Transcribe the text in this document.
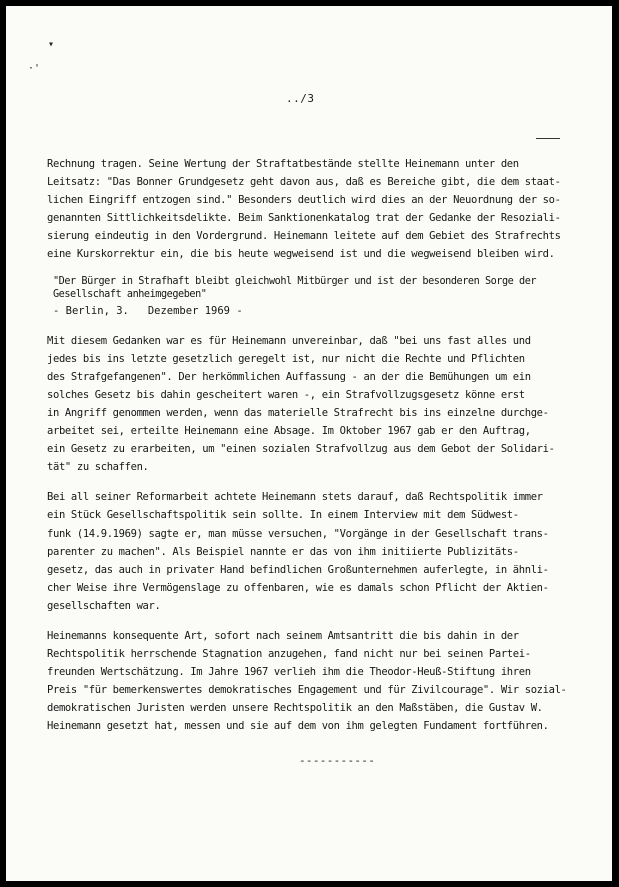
▾
·'
../3

Rechnung tragen. Seine Wertung der Straftatbestände stellte Heinemann unter den
Leitsatz: "Das Bonner Grundgesetz geht davon aus, daß es Bereiche gibt, die dem staat-
lichen Eingriff entzogen sind." Besonders deutlich wird dies an der Neuordnung der so-
genannten Sittlichkeitsdelikte. Beim Sanktionenkatalog trat der Gedanke der Resoziali-
sierung eindeutig in den Vordergrund. Heinemann leitete auf dem Gebiet des Strafrechts
eine Kurskorrektur ein, die bis heute wegweisend ist und die wegweisend bleiben wird.

"Der Bürger in Strafhaft bleibt gleichwohl Mitbürger und ist der besonderen Sorge der
Gesellschaft anheimgegeben"

- Berlin, 3.   Dezember 1969 -

Mit diesem Gedanken war es für Heinemann unvereinbar, daß "bei uns fast alles und
jedes bis ins letzte gesetzlich geregelt ist, nur nicht die Rechte und Pflichten
des Strafgefangenen". Der herkömmlichen Auffassung - an der die Bemühungen um ein
solches Gesetz bis dahin gescheitert waren -, ein Strafvollzugsgesetz könne erst
in Angriff genommen werden, wenn das materielle Strafrecht bis ins einzelne durchge-
arbeitet sei, erteilte Heinemann eine Absage. Im Oktober 1967 gab er den Auftrag,
ein Gesetz zu erarbeiten, um "einen sozialen Strafvollzug aus dem Gebot der Solidari-
tät" zu schaffen.

Bei all seiner Reformarbeit achtete Heinemann stets darauf, daß Rechtspolitik immer
ein Stück Gesellschaftspolitik sein sollte. In einem Interview mit dem Südwest-
funk (14.9.1969) sagte er, man müsse versuchen, "Vorgänge in der Gesellschaft trans-
parenter zu machen". Als Beispiel nannte er das von ihm initiierte Publizitäts-
gesetz, das auch in privater Hand befindlichen Großunternehmen auferlegte, in ähnli-
cher Weise ihre Vermögenslage zu offenbaren, wie es damals schon Pflicht der Aktien-
gesellschaften war.

Heinemanns konsequente Art, sofort nach seinem Amtsantritt die bis dahin in der
Rechtspolitik herrschende Stagnation anzugehen, fand nicht nur bei seinen Partei-
freunden Wertschätzung. Im Jahre 1967 verlieh ihm die Theodor-Heuß-Stiftung ihren
Preis "für bemerkenswertes demokratisches Engagement und für Zivilcourage". Wir sozial-
demokratischen Juristen werden unsere Rechtspolitik an den Maßstäben, die Gustav W.
Heinemann gesetzt hat, messen und sie auf dem von ihm gelegten Fundament fortführen.

-----------
